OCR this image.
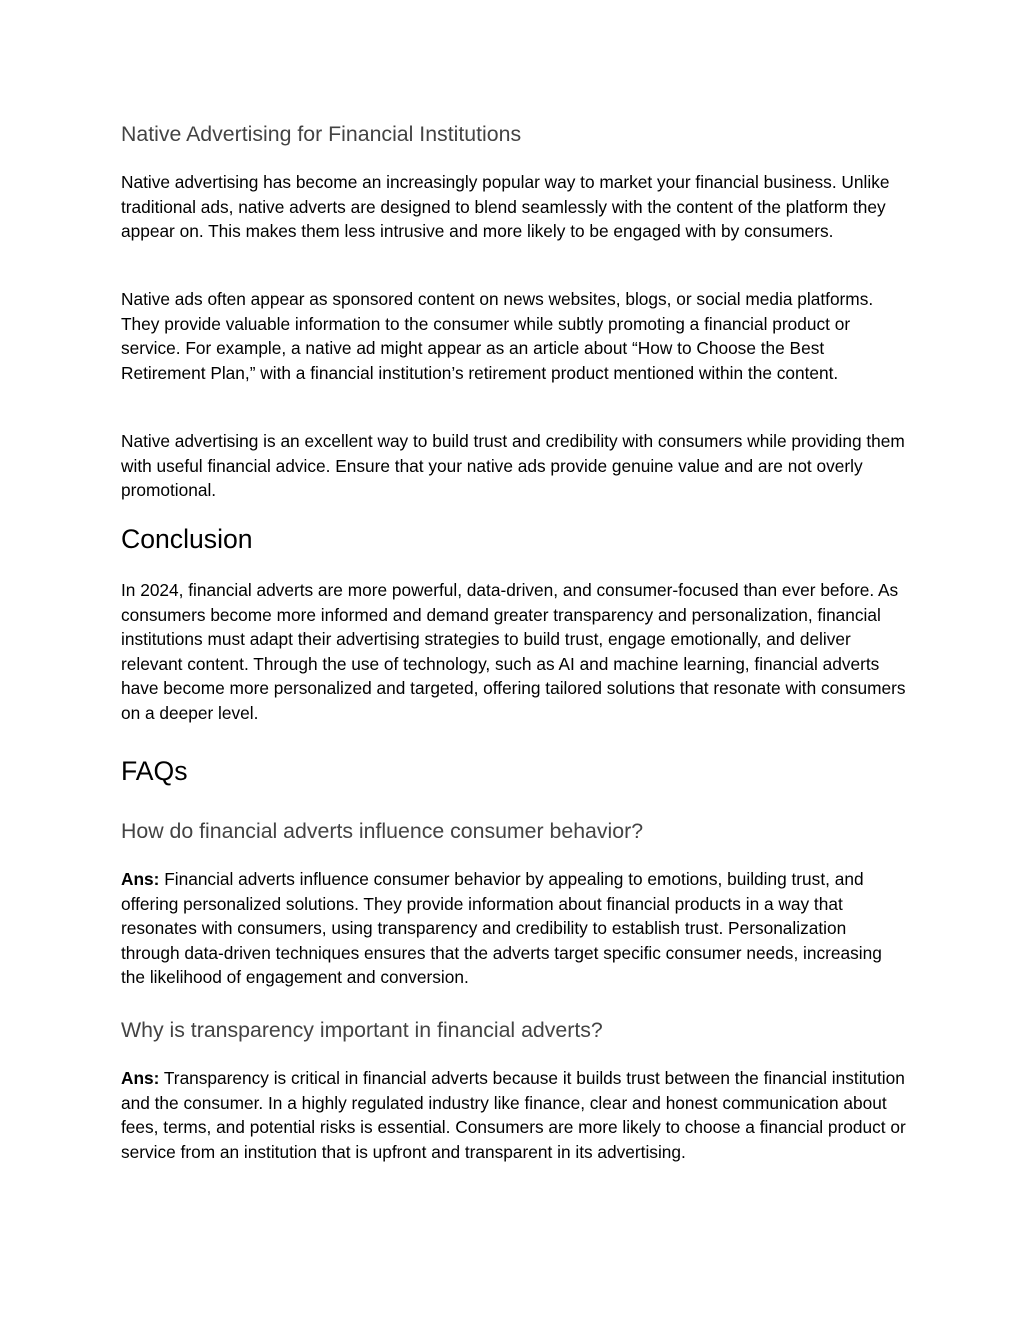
Native Advertising for Financial Institutions

Native advertising has become an increasingly popular way to market your financial business. Unlike traditional ads, native adverts are designed to blend seamlessly with the content of the platform they appear on. This makes them less intrusive and more likely to be engaged with by consumers.

Native ads often appear as sponsored content on news websites, blogs, or social media platforms. They provide valuable information to the consumer while subtly promoting a financial product or service. For example, a native ad might appear as an article about “How to Choose the Best Retirement Plan,” with a financial institution’s retirement product mentioned within the content.

Native advertising is an excellent way to build trust and credibility with consumers while providing them with useful financial advice. Ensure that your native ads provide genuine value and are not overly promotional.

Conclusion

In 2024, financial adverts are more powerful, data-driven, and consumer-focused than ever before. As consumers become more informed and demand greater transparency and personalization, financial institutions must adapt their advertising strategies to build trust, engage emotionally, and deliver relevant content. Through the use of technology, such as AI and machine learning, financial adverts have become more personalized and targeted, offering tailored solutions that resonate with consumers on a deeper level.

FAQs
How do financial adverts influence consumer behavior?

Ans: Financial adverts influence consumer behavior by appealing to emotions, building trust, and offering personalized solutions. They provide information about financial products in a way that resonates with consumers, using transparency and credibility to establish trust. Personalization through data-driven techniques ensures that the adverts target specific consumer needs, increasing the likelihood of engagement and conversion.

Why is transparency important in financial adverts?

Ans: Transparency is critical in financial adverts because it builds trust between the financial institution and the consumer. In a highly regulated industry like finance, clear and honest communication about fees, terms, and potential risks is essential. Consumers are more likely to choose a financial product or service from an institution that is upfront and transparent in its advertising.
